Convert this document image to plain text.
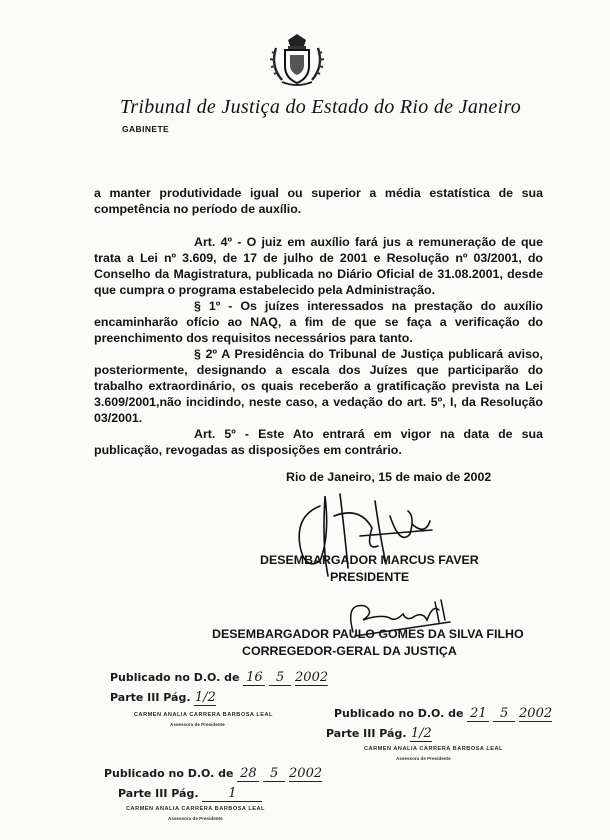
Tribunal de Justiça do Estado do Rio de Janeiro
GABINETE
a manter produtividade igual ou superior a média estatística de sua competência no período de auxílio.
Art. 4º - O juiz em auxílio fará jus a remuneração de que trata a Lei nº 3.609, de 17 de julho de 2001 e Resolução nº 03/2001, do Conselho da Magistratura, publicada no Diário Oficial de 31.08.2001, desde que cumpra o programa estabelecido pela Administração.
§ 1º - Os juízes interessados na prestação do auxílio encaminharão ofício ao NAQ, a fim de que se faça a verificação do preenchimento dos requisitos necessários para tanto.
§ 2º A Presidência do Tribunal de Justiça publicará aviso, posteriormente, designando a escala dos Juízes que participarão do trabalho extraordinário, os quais receberão a gratificação prevista na Lei 3.609/2001,não incidindo, neste caso, a vedação do art. 5º, I, da Resolução 03/2001.
Art. 5º - Este Ato entrará em vigor na data de sua publicação, revogadas as disposições em contrário.
Rio de Janeiro, 15 de maio de 2002
DESEMBARGADOR MARCUS FAVER
PRESIDENTE
DESEMBARGADOR PAULO GOMES DA SILVA FILHO
CORREGEDOR-GERAL DA JUSTIÇA
Publicado no D.O. de 16 5 2002
Parte III Pág. 1/2
CARMEN ANALIA CARRERA BARBOSA LEAL
Assessora de Presidente
Publicado no D.O. de 21 5 2002
Parte III Pág. 1/2
CARMEN ANALIA CARRERA BARBOSA LEAL
Assessora de Presidente
Publicado no D.O. de 28 5 2002
Parte III Pág. 1
CARMEN ANALIA CARRERA BARBOSA LEAL
Assessora de Presidente
